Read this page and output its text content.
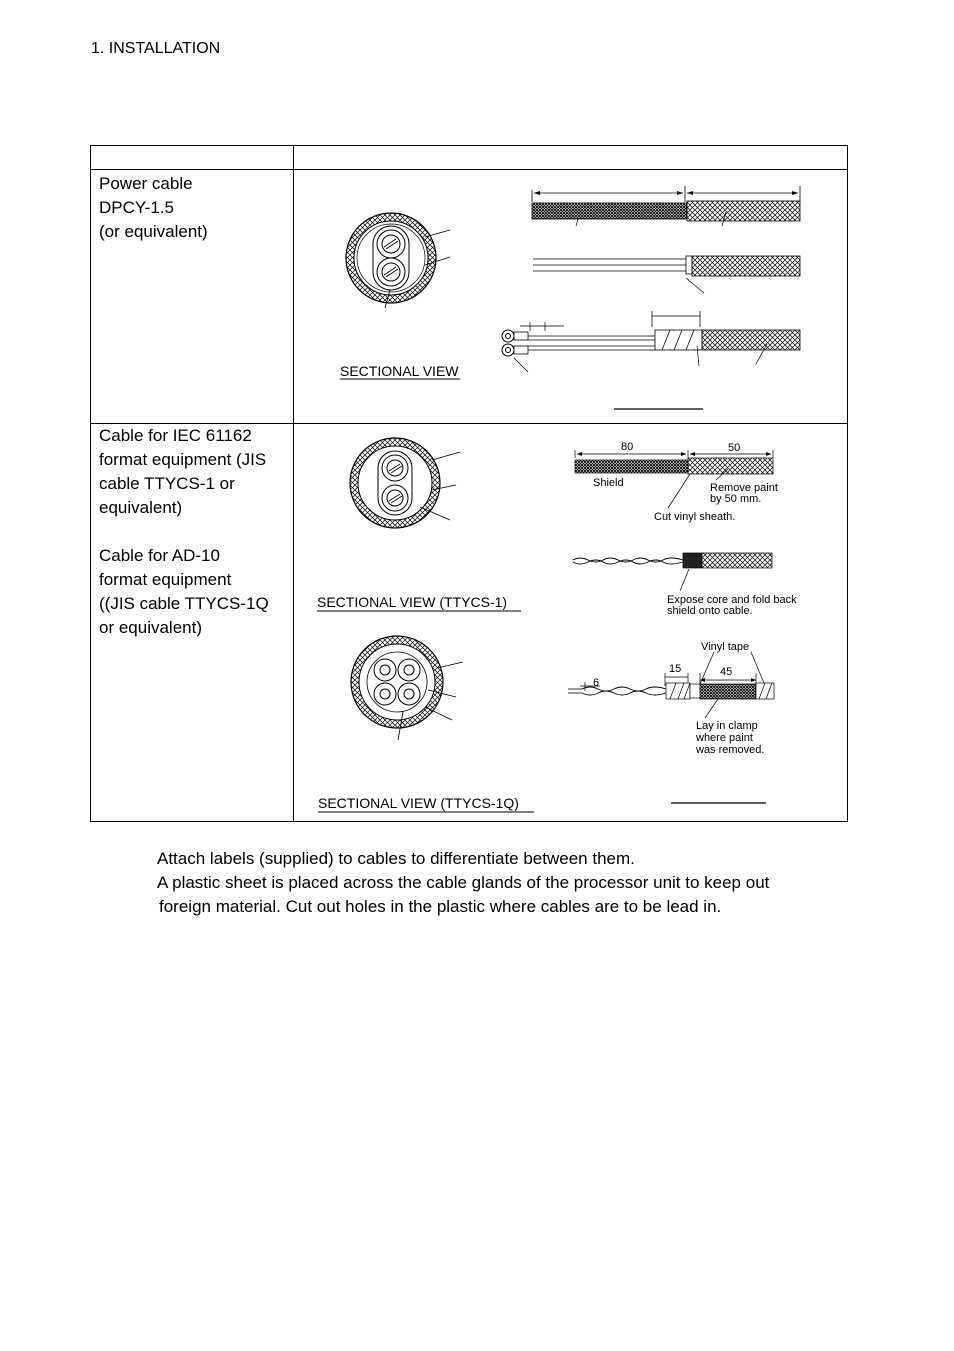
1. INSTALLATION
Power cable
DPCY-1.5
(or equivalent)
Cable for IEC 61162
format equipment (JIS
cable TTYCS-1 or
equivalent)

Cable for AD-10
format equipment
((JIS cable TTYCS-1Q
or equivalent)
SECTIONAL VIEW
SECTIONAL VIEW (TTYCS-1)
80	50
Shield	Remove paint
by 50 mm.
Cut vinyl sheath.
Expose core and fold back
shield onto cable.
SECTIONAL VIEW (TTYCS-1Q)
Vinyl tape
15	45
6
Lay in clamp
where paint
was removed.
Attach labels (supplied) to cables to differentiate between them.
A plastic sheet is placed across the cable glands of the processor unit to keep out
foreign material. Cut out holes in the plastic where cables are to be lead in.
